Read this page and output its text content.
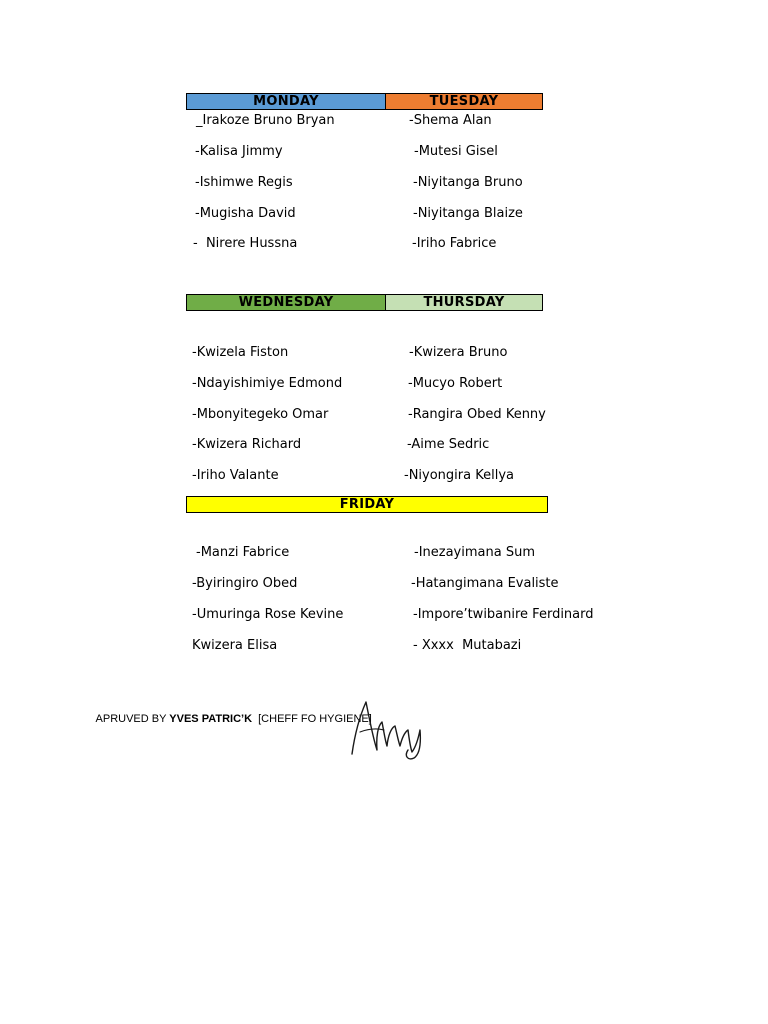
MONDAY	TUESDAY
_Irakoze Bruno Bryan
-Kalisa Jimmy
-Ishimwe Regis
-Mugisha David
-  Nirere Hussna
-Shema Alan
-Mutesi Gisel
-Niyitanga Bruno
-Niyitanga Blaize
-Iriho Fabrice
WEDNESDAY	THURSDAY
-Kwizela Fiston
-Ndayishimiye Edmond
-Mbonyitegeko Omar
-Kwizera Richard
-Iriho Valante
-Kwizera Bruno
-Mucyo Robert
-Rangira Obed Kenny
-Aime Sedric
-Niyongira Kellya
FRIDAY
-Manzi Fabrice
-Byiringiro Obed
-Umuringa Rose Kevine
Kwizera Elisa
-Inezayimana Sum
-Hatangimana Evaliste
-Impore’twibanire Ferdinard
- Xxxx  Mutabazi

APRUVED BY YVES PATRIC’K  [CHEFF FO HYGIENE]
